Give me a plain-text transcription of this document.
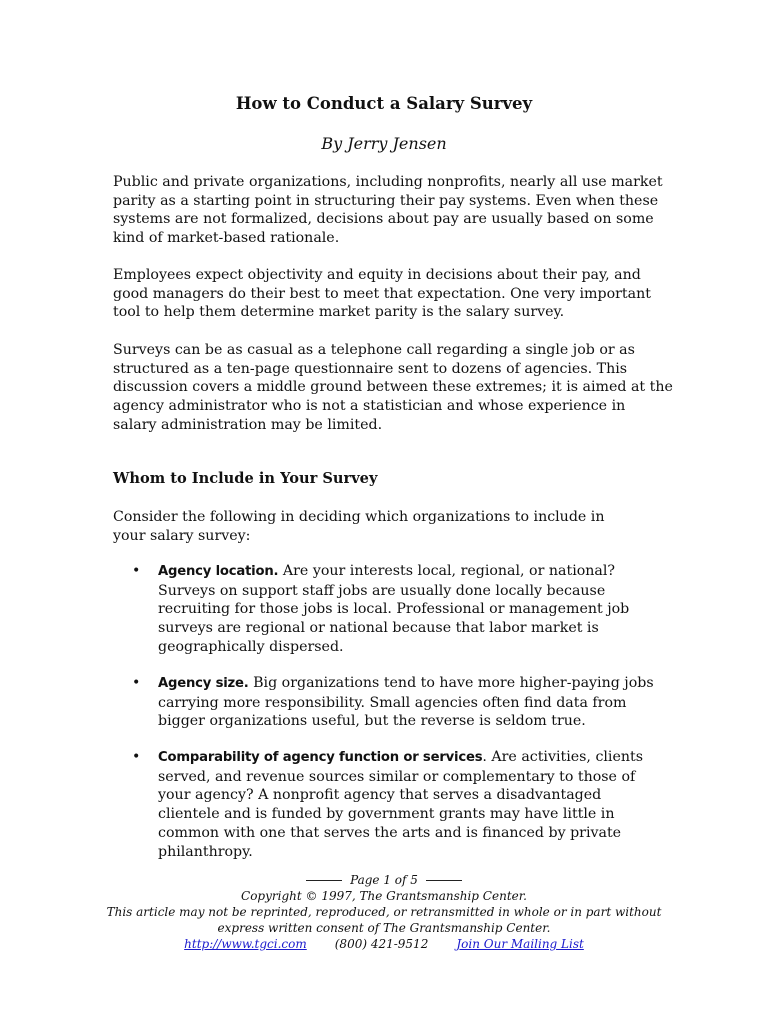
How to Conduct a Salary Survey
By Jerry Jensen

Public and private organizations, including nonprofits, nearly all use market parity as a starting point in structuring their pay systems. Even when these systems are not formalized, decisions about pay are usually based on some kind of market-based rationale.

Employees expect objectivity and equity in decisions about their pay, and good managers do their best to meet that expectation. One very important tool to help them determine market parity is the salary survey.

Surveys can be as casual as a telephone call regarding a single job or as structured as a ten-page questionnaire sent to dozens of agencies. This discussion covers a middle ground between these extremes; it is aimed at the agency administrator who is not a statistician and whose experience in salary administration may be limited.

Whom to Include in Your Survey

Consider the following in deciding which organizations to include in your salary survey:

• Agency location. Are your interests local, regional, or national? Surveys on support staff jobs are usually done locally because recruiting for those jobs is local. Professional or management job surveys are regional or national because that labor market is geographically dispersed.
• Agency size. Big organizations tend to have more higher-paying jobs carrying more responsibility. Small agencies often find data from bigger organizations useful, but the reverse is seldom true.
• Comparability of agency function or services. Are activities, clients served, and revenue sources similar or complementary to those of your agency? A nonprofit agency that serves a disadvantaged clientele and is funded by government grants may have little in common with one that serves the arts and is financed by private philanthropy.
Page 1 of 5
Copyright © 1997, The Grantsmanship Center.
This article may not be reprinted, reproduced, or retransmitted in whole or in part without
express written consent of The Grantsmanship Center.
http://www.tgci.com (800) 421-9512 Join Our Mailing List
